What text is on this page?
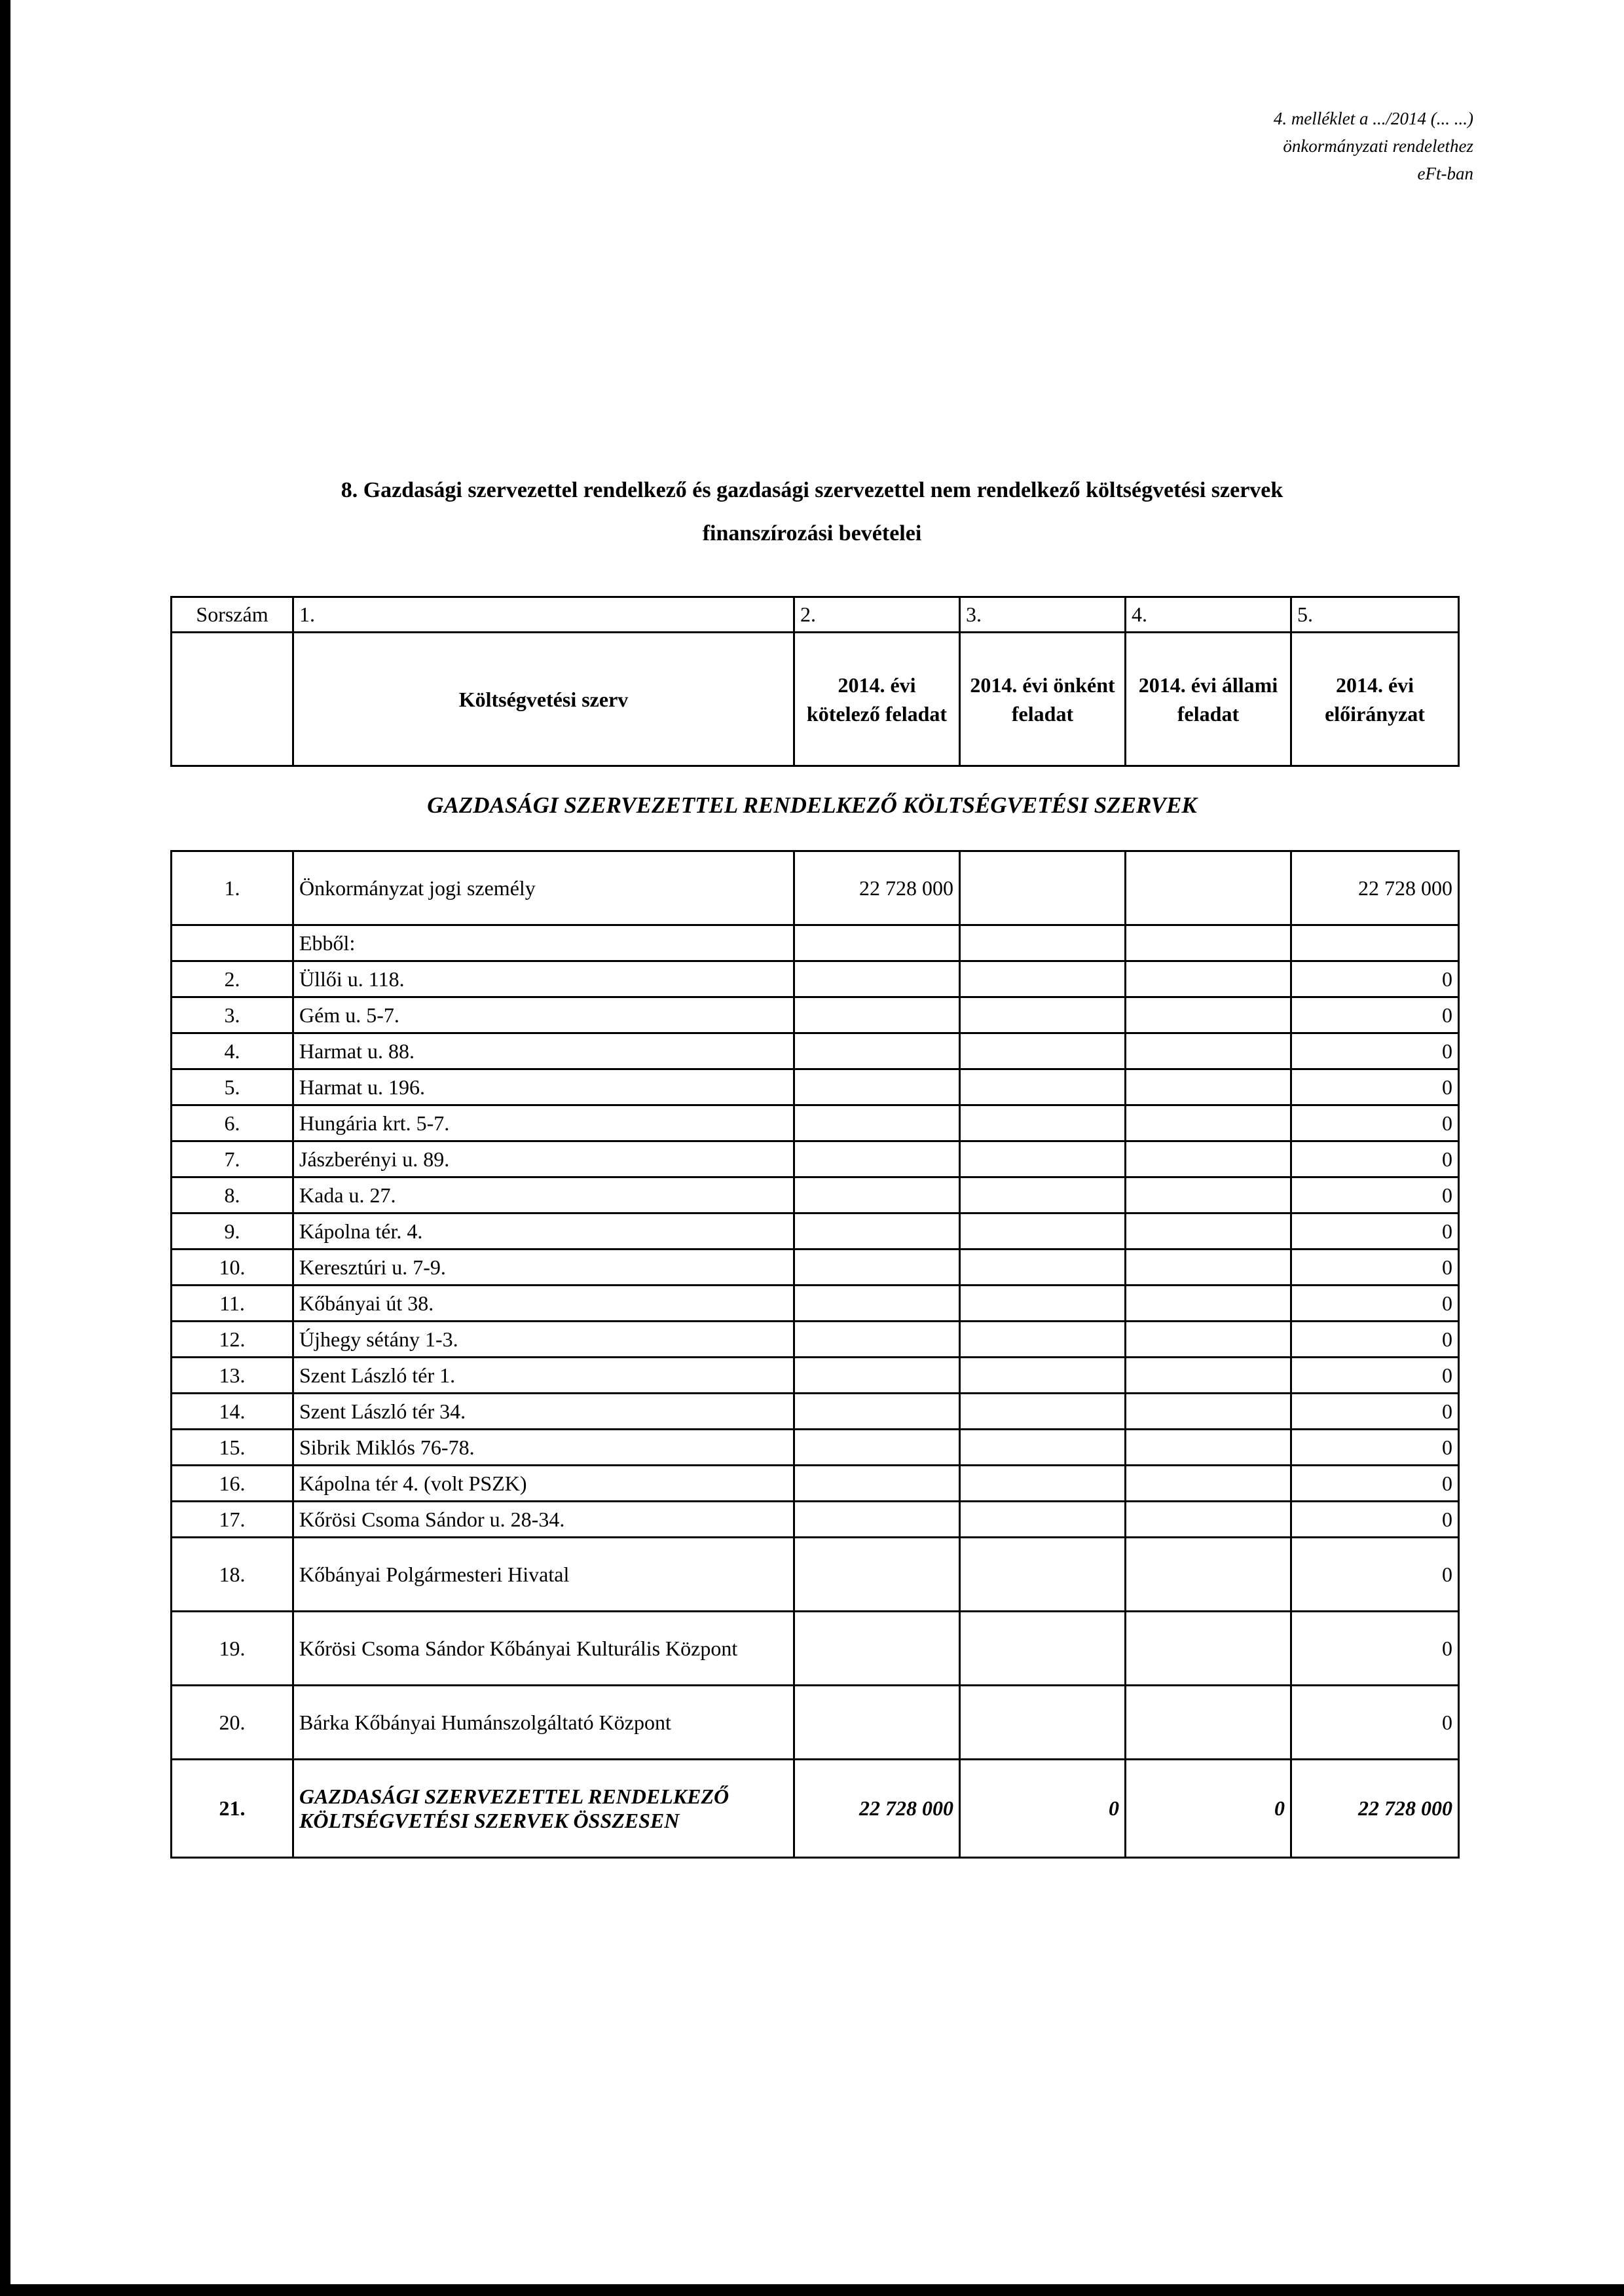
4. melléklet a .../2014 (... ...)
önkormányzati rendelethez
eFt-ban
8. Gazdasági szervezettel rendelkező és gazdasági szervezettel nem rendelkező költségvetési szervek
finanszírozási bevételei
Sorszám	1.	2.	3.	4.	5.
	Költségvetési szerv	2014. évi kötelező feladat	2014. évi önként feladat	2014. évi állami feladat	2014. évi előirányzat
GAZDASÁGI SZERVEZETTEL RENDELKEZŐ KÖLTSÉGVETÉSI SZERVEK
1.	Önkormányzat jogi személy	22 728 000			22 728 000
	Ebből:				
2.	Üllői u. 118.				0
3.	Gém u. 5-7.				0
4.	Harmat u. 88.				0
5.	Harmat u. 196.				0
6.	Hungária krt. 5-7.				0
7.	Jászberényi u. 89.				0
8.	Kada u. 27.				0
9.	Kápolna tér. 4.				0
10.	Keresztúri u. 7-9.				0
11.	Kőbányai út 38.				0
12.	Újhegy sétány 1-3.				0
13.	Szent László tér 1.				0
14.	Szent László tér 34.				0
15.	Sibrik Miklós 76-78.				0
16.	Kápolna tér 4. (volt PSZK)				0
17.	Kőrösi Csoma Sándor u. 28-34.				0
18.	Kőbányai Polgármesteri Hivatal				0
19.	Kőrösi Csoma Sándor Kőbányai Kulturális Központ				0
20.	Bárka Kőbányai Humánszolgáltató Központ				0
21.	GAZDASÁGI SZERVEZETTEL RENDELKEZŐ KÖLTSÉGVETÉSI SZERVEK ÖSSZESEN	22 728 000	0	0	22 728 000
